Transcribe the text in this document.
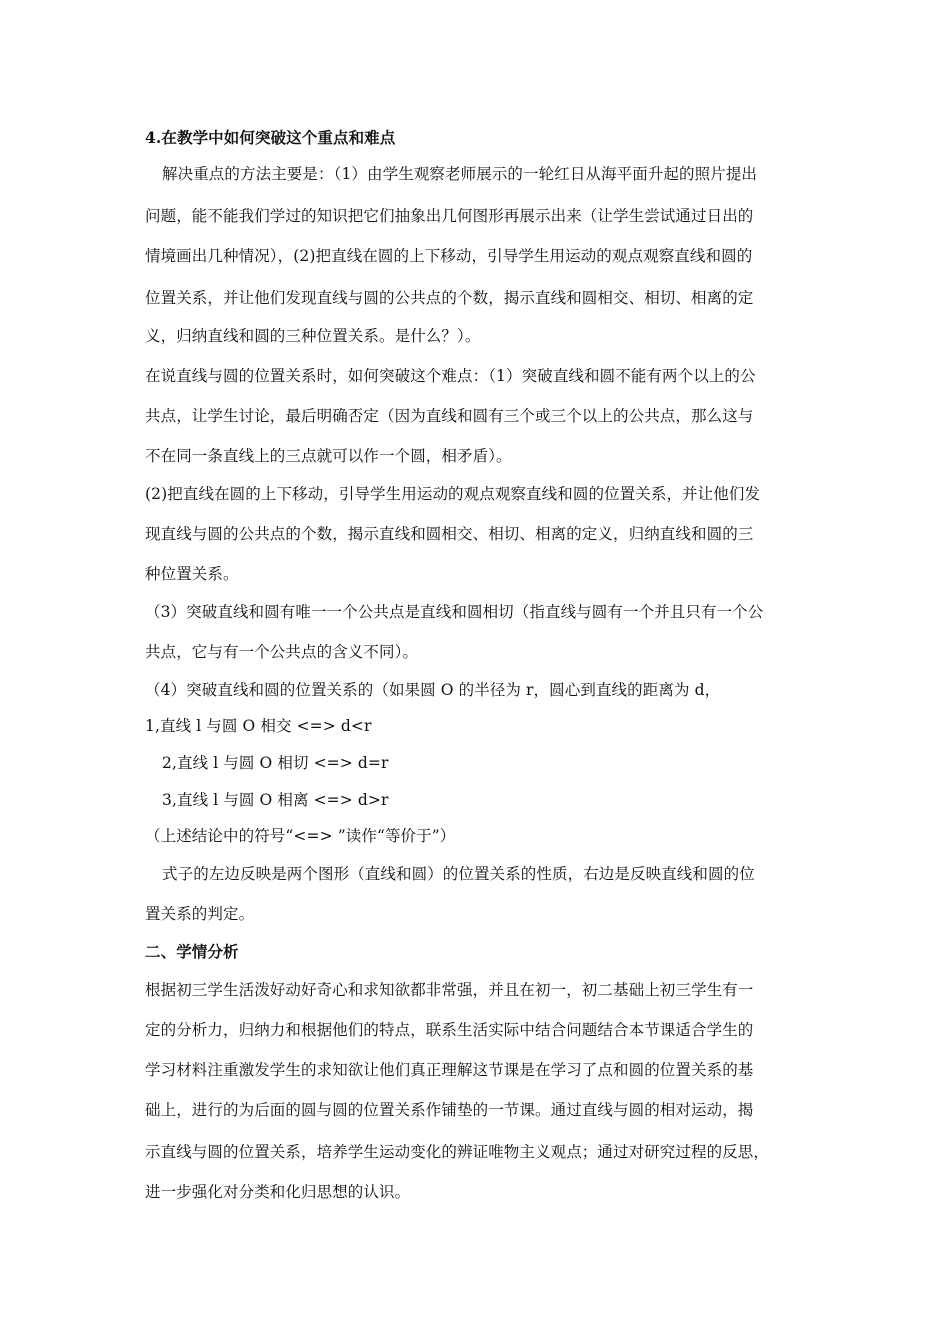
4.在教学中如何突破这个重点和难点
解决重点的方法主要是：（1）由学生观察老师展示的一轮红日从海平面升起的照片提出
问题，能不能我们学过的知识把它们抽象出几何图形再展示出来（让学生尝试通过日出的
情境画出几种情况），(2)把直线在圆的上下移动，引导学生用运动的观点观察直线和圆的
位置关系，并让他们发现直线与圆的公共点的个数，揭示直线和圆相交、相切、相离的定
义，归纳直线和圆的三种位置关系。是什么？）。
在说直线与圆的位置关系时，如何突破这个难点：（1）突破直线和圆不能有两个以上的公
共点，让学生讨论，最后明确否定（因为直线和圆有三个或三个以上的公共点，那么这与
不在同一条直线上的三点就可以作一个圆，相矛盾）。
(2)把直线在圆的上下移动，引导学生用运动的观点观察直线和圆的位置关系，并让他们发
现直线与圆的公共点的个数，揭示直线和圆相交、相切、相离的定义，归纳直线和圆的三
种位置关系。
（3）突破直线和圆有唯一一个公共点是直线和圆相切（指直线与圆有一个并且只有一个公
共点，它与有一个公共点的含义不同）。
（4）突破直线和圆的位置关系的（如果圆 O 的半径为 r，圆心到直线的距离为 d，
1,直线 l 与圆 O 相交 <=> d<r
2,直线 l 与圆 O 相切 <=> d=r
3,直线 l 与圆 O 相离 <=> d>r
（上述结论中的符号“<=> ”读作“等价于”）
式子的左边反映是两个图形（直线和圆）的位置关系的性质，右边是反映直线和圆的位
置关系的判定。
二、学情分析
根据初三学生活泼好动好奇心和求知欲都非常强，并且在初一，初二基础上初三学生有一
定的分析力，归纳力和根据他们的特点，联系生活实际中结合问题结合本节课适合学生的
学习材料注重激发学生的求知欲让他们真正理解这节课是在学习了点和圆的位置关系的基
础上，进行的为后面的圆与圆的位置关系作铺垫的一节课。通过直线与圆的相对运动，揭
示直线与圆的位置关系，培养学生运动变化的辨证唯物主义观点；通过对研究过程的反思，
进一步强化对分类和化归思想的认识。
